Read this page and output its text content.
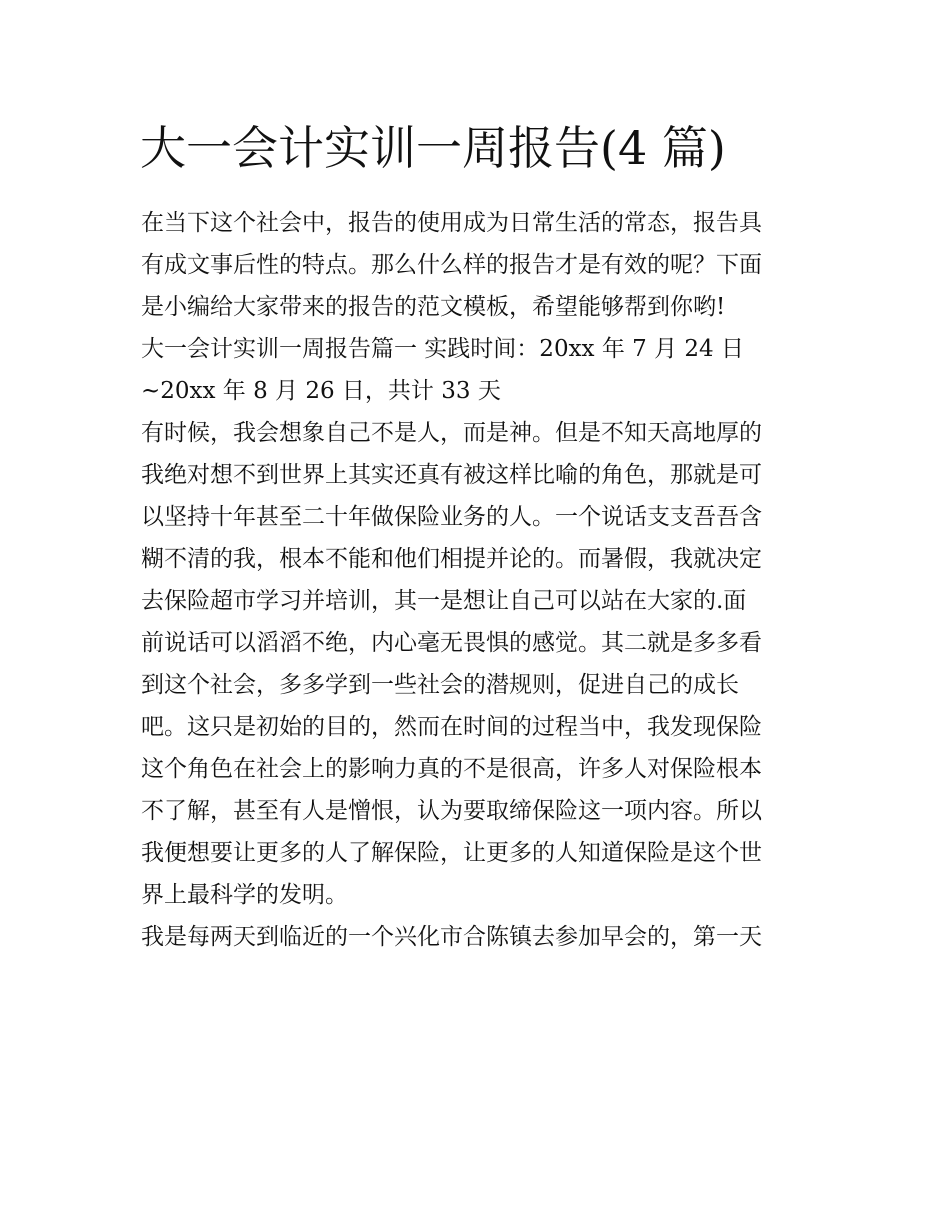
大一会计实训一周报告(4 篇)
在当下这个社会中，报告的使用成为日常生活的常态，报告具
有成文事后性的特点。那么什么样的报告才是有效的呢？下面
是小编给大家带来的报告的范文模板，希望能够帮到你哟!
大一会计实训一周报告篇一 实践时间：20xx 年 7 月 24 日
~20xx 年 8 月 26 日，共计 33 天
有时候，我会想象自己不是人，而是神。但是不知天高地厚的
我绝对想不到世界上其实还真有被这样比喻的角色，那就是可
以坚持十年甚至二十年做保险业务的人。一个说话支支吾吾含
糊不清的我，根本不能和他们相提并论的。而暑假，我就决定
去保险超市学习并培训，其一是想让自己可以站在大家的.面
前说话可以滔滔不绝，内心毫无畏惧的感觉。其二就是多多看
到这个社会，多多学到一些社会的潜规则，促进自己的成长
吧。这只是初始的目的，然而在时间的过程当中，我发现保险
这个角色在社会上的影响力真的不是很高，许多人对保险根本
不了解，甚至有人是憎恨，认为要取缔保险这一项内容。所以
我便想要让更多的人了解保险，让更多的人知道保险是这个世
界上最科学的发明。
我是每两天到临近的一个兴化市合陈镇去参加早会的，第一天
